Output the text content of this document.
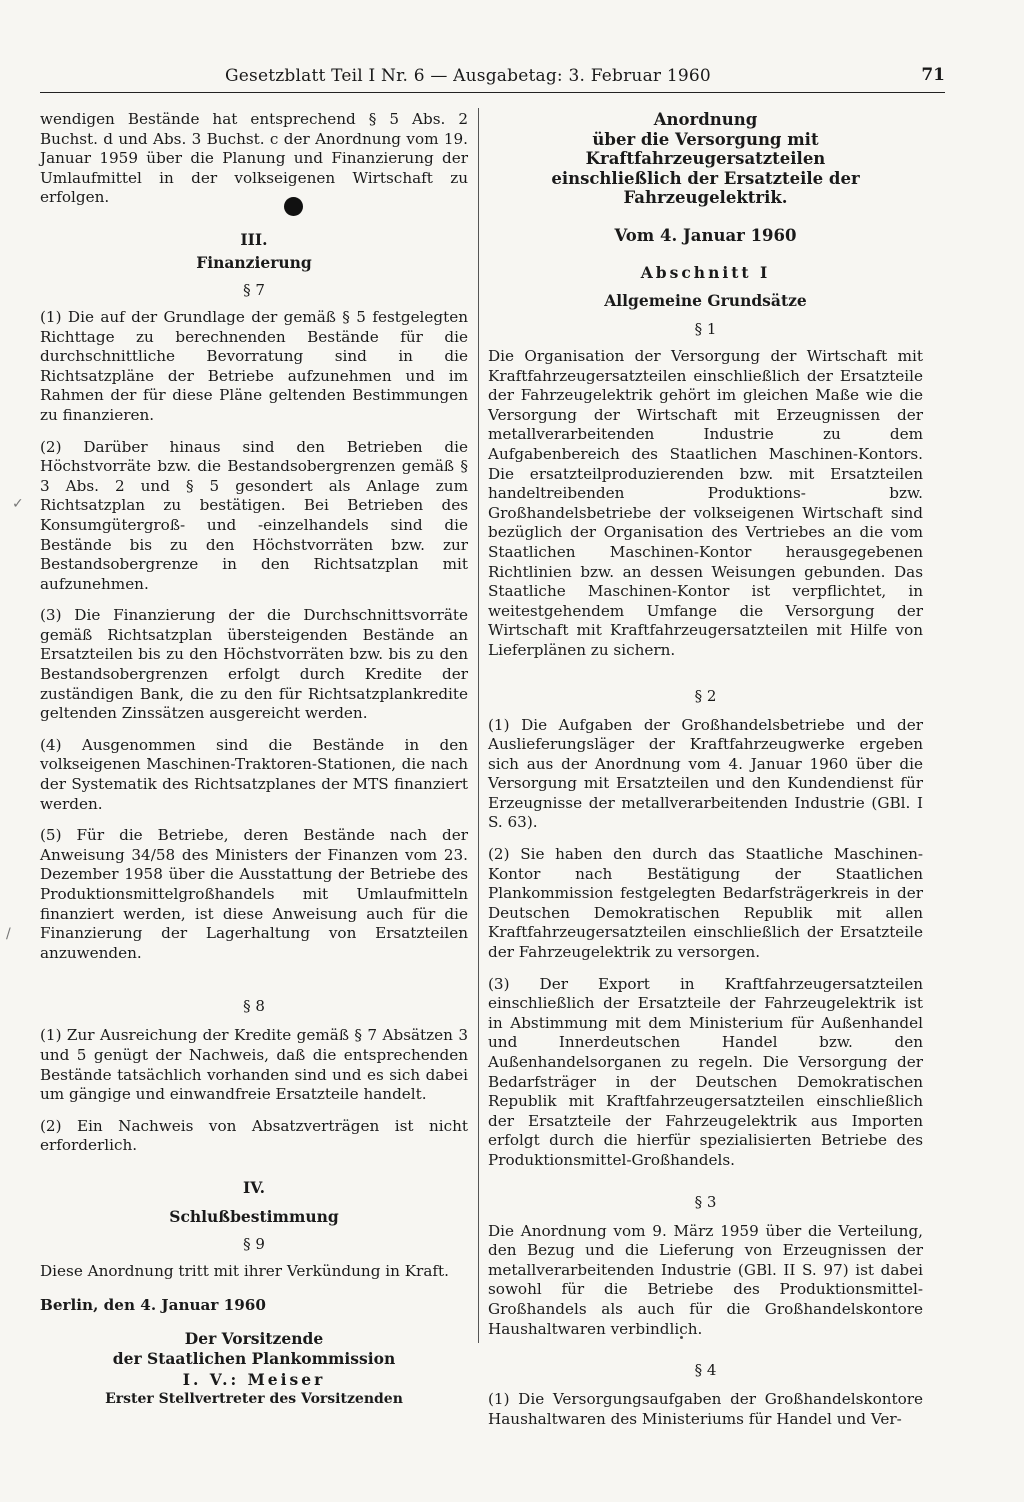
Gesetzblatt Teil I Nr. 6 — Ausgabetag: 3. Februar 1960	71
✓
/

wendigen Bestände hat entsprechend § 5 Abs. 2 Buchst. d und Abs. 3 Buchst. c der Anordnung vom 19. Januar 1959 über die Planung und Finanzierung der Umlaufmittel in der volkseigenen Wirtschaft zu erfolgen.

III.

Finanzierung

§ 7

(1) Die auf der Grundlage der gemäß § 5 festgelegten Richttage zu berechnenden Bestände für die durchschnittliche Bevorratung sind in die Richtsatzpläne der Betriebe aufzunehmen und im Rahmen der für diese Pläne geltenden Bestimmungen zu finanzieren.

(2) Darüber hinaus sind den Betrieben die Höchstvorräte bzw. die Bestandsobergrenzen gemäß § 3 Abs. 2 und § 5 gesondert als Anlage zum Richtsatzplan zu bestätigen. Bei Betrieben des Konsumgütergroß- und -einzelhandels sind die Bestände bis zu den Höchstvorräten bzw. zur Bestandsobergrenze in den Richtsatzplan mit aufzunehmen.

(3) Die Finanzierung der die Durchschnittsvorräte gemäß Richtsatzplan übersteigenden Bestände an Ersatzteilen bis zu den Höchstvorräten bzw. bis zu den Bestandsobergrenzen erfolgt durch Kredite der zuständigen Bank, die zu den für Richtsatzplankredite geltenden Zinssätzen ausgereicht werden.

(4) Ausgenommen sind die Bestände in den volkseigenen Maschinen-Traktoren-Stationen, die nach der Systematik des Richtsatzplanes der MTS finanziert werden.

(5) Für die Betriebe, deren Bestände nach der Anweisung 34/58 des Ministers der Finanzen vom 23. Dezember 1958 über die Ausstattung der Betriebe des Produktionsmittelgroßhandels mit Umlaufmitteln finanziert werden, ist diese Anweisung auch für die Finanzierung der Lagerhaltung von Ersatzteilen anzuwenden.

§ 8

(1) Zur Ausreichung der Kredite gemäß § 7 Absätzen 3 und 5 genügt der Nachweis, daß die entsprechenden Bestände tatsächlich vorhanden sind und es sich dabei um gängige und einwandfreie Ersatzteile handelt.

(2) Ein Nachweis von Absatzverträgen ist nicht erforderlich.

IV.

Schlußbestimmung

§ 9

Diese Anordnung tritt mit ihrer Verkündung in Kraft.

Berlin, den 4. Januar 1960

Der Vorsitzende

der Staatlichen Plankommission

I. V.: Meiser

Erster Stellvertreter des Vorsitzenden

Anordnung

über die Versorgung mit Kraftfahrzeugersatzteilen

einschließlich der Ersatzteile der Fahrzeugelektrik.

Vom 4. Januar 1960

Abschnitt I

Allgemeine Grundsätze

§ 1

Die Organisation der Versorgung der Wirtschaft mit Kraftfahrzeugersatzteilen einschließlich der Ersatzteile der Fahrzeugelektrik gehört im gleichen Maße wie die Versorgung der Wirtschaft mit Erzeugnissen der metallverarbeitenden Industrie zu dem Aufgabenbereich des Staatlichen Maschinen-Kontors. Die ersatzteilproduzierenden bzw. mit Ersatzteilen handeltreibenden Produktions- bzw. Großhandelsbetriebe der volkseigenen Wirtschaft sind bezüglich der Organisation des Vertriebes an die vom Staatlichen Maschinen-Kontor herausgegebenen Richtlinien bzw. an dessen Weisungen gebunden. Das Staatliche Maschinen-Kontor ist verpflichtet, in weitestgehendem Umfange die Versorgung der Wirtschaft mit Kraftfahrzeugersatzteilen mit Hilfe von Lieferplänen zu sichern.

§ 2

(1) Die Aufgaben der Großhandelsbetriebe und der Auslieferungsläger der Kraftfahrzeugwerke ergeben sich aus der Anordnung vom 4. Januar 1960 über die Versorgung mit Ersatzteilen und den Kundendienst für Erzeugnisse der metallverarbeitenden Industrie (GBl. I S. 63).

(2) Sie haben den durch das Staatliche Maschinen-Kontor nach Bestätigung der Staatlichen Plankommission festgelegten Bedarfsträgerkreis in der Deutschen Demokratischen Republik mit allen Kraftfahrzeugersatzteilen einschließlich der Ersatzteile der Fahrzeugelektrik zu versorgen.

(3) Der Export in Kraftfahrzeugersatzteilen einschließlich der Ersatzteile der Fahrzeugelektrik ist in Abstimmung mit dem Ministerium für Außenhandel und Innerdeutschen Handel bzw. den Außenhandelsorganen zu regeln. Die Versorgung der Bedarfsträger in der Deutschen Demokratischen Republik mit Kraftfahrzeugersatzteilen einschließlich der Ersatzteile der Fahrzeugelektrik aus Importen erfolgt durch die hierfür spezialisierten Betriebe des Produktionsmittel-Großhandels.

§ 3

Die Anordnung vom 9. März 1959 über die Verteilung, den Bezug und die Lieferung von Erzeugnissen der metallverarbeitenden Industrie (GBl. II S. 97) ist dabei sowohl für die Betriebe des Produktionsmittel-Großhandels als auch für die Großhandelskontore Haushaltwaren verbindlich.

§ 4

(1) Die Versorgungsaufgaben der Großhandelskontore Haushaltwaren des Ministeriums für Handel und Ver-
